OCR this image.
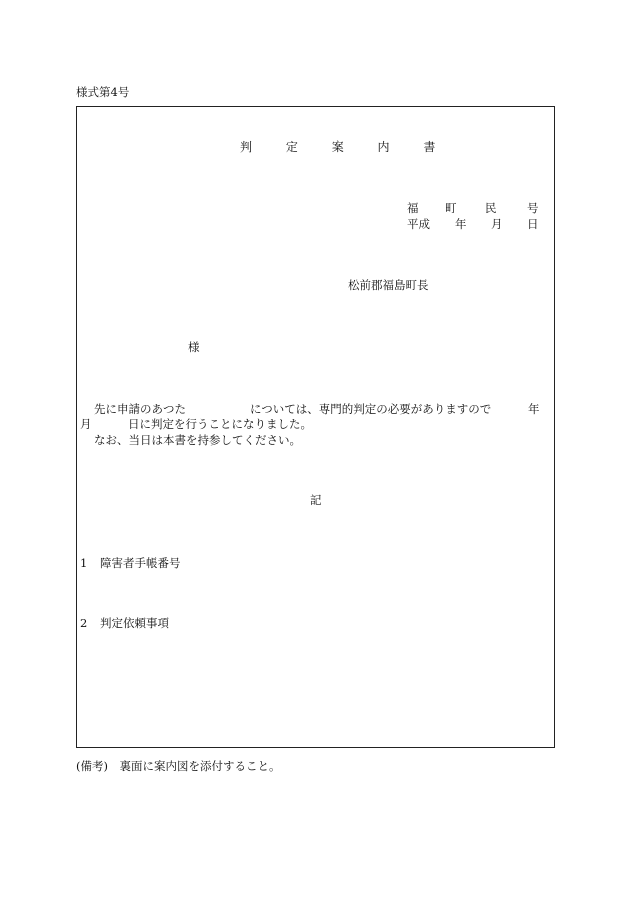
様式第4号
判	定	案	内	書
福 町 民	号
平成 年 月 日
松前郡福島町長
様
先に申請のあつた	については、専門的判定の必要がありますので	年
月	日に判定を行うことになりました。
なお、当日は本書を持参してください。
記
1 障害者手帳番号
2 判定依頼事項
(備考)　裏面に案内図を添付すること。
